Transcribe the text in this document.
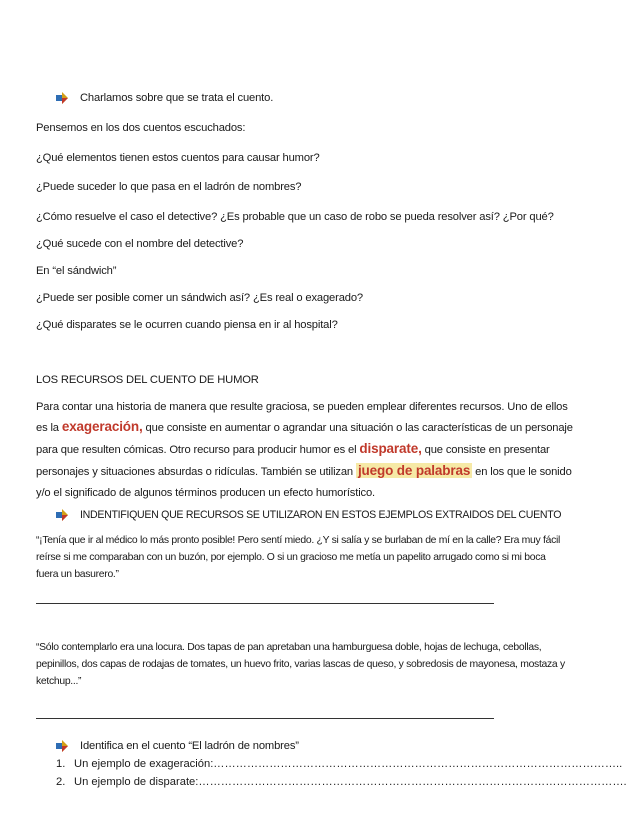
Charlamos sobre que se trata el cuento.
Pensemos en los dos cuentos escuchados:
¿Qué elementos tienen estos cuentos para causar humor?
¿Puede suceder lo que pasa en el ladrón de nombres?
¿Cómo resuelve el caso el detective? ¿Es probable que un caso de robo se pueda resolver así? ¿Por qué?
¿Qué sucede con el nombre del detective?
En “el sándwich”
¿Puede ser posible comer un sándwich así? ¿Es real o exagerado?
¿Qué disparates se le ocurren cuando piensa en ir al hospital?
LOS RECURSOS DEL CUENTO DE HUMOR
Para contar una historia de manera que resulte graciosa, se pueden emplear diferentes recursos. Uno de ellos
es la exageración, que consiste en aumentar o agrandar una situación o las características de un personaje
para que resulten cómicas. Otro recurso para producir humor es el disparate, que consiste en presentar
personajes y situaciones absurdas o ridículas. También se utilizan juego de palabras en los que le sonido
y/o el significado de algunos términos producen un efecto humorístico.
INDENTIFIQUEN QUE RECURSOS SE UTILIZARON EN ESTOS EJEMPLOS EXTRAIDOS DEL CUENTO
“¡Tenía que ir al médico lo más pronto posible! Pero sentí miedo. ¿Y si salía y se burlaban de mí en la calle? Era muy fácil
reírse si me comparaban con un buzón, por ejemplo. O si un gracioso me metía un papelito arrugado como si mi boca
fuera un basurero.”
“Sólo contemplarlo era una locura. Dos tapas de pan apretaban una hamburguesa doble, hojas de lechuga, cebollas,
pepinillos, dos capas de rodajas de tomates, un huevo frito, varias lascas de queso, y sobredosis de mayonesa, mostaza y
ketchup...”
Identifica en el cuento “El ladrón de nombres”
1. Un ejemplo de exageración:………………………………………………………………………………………………..
2. Un ejemplo de disparate:…………………………………………………………………………………………………….
